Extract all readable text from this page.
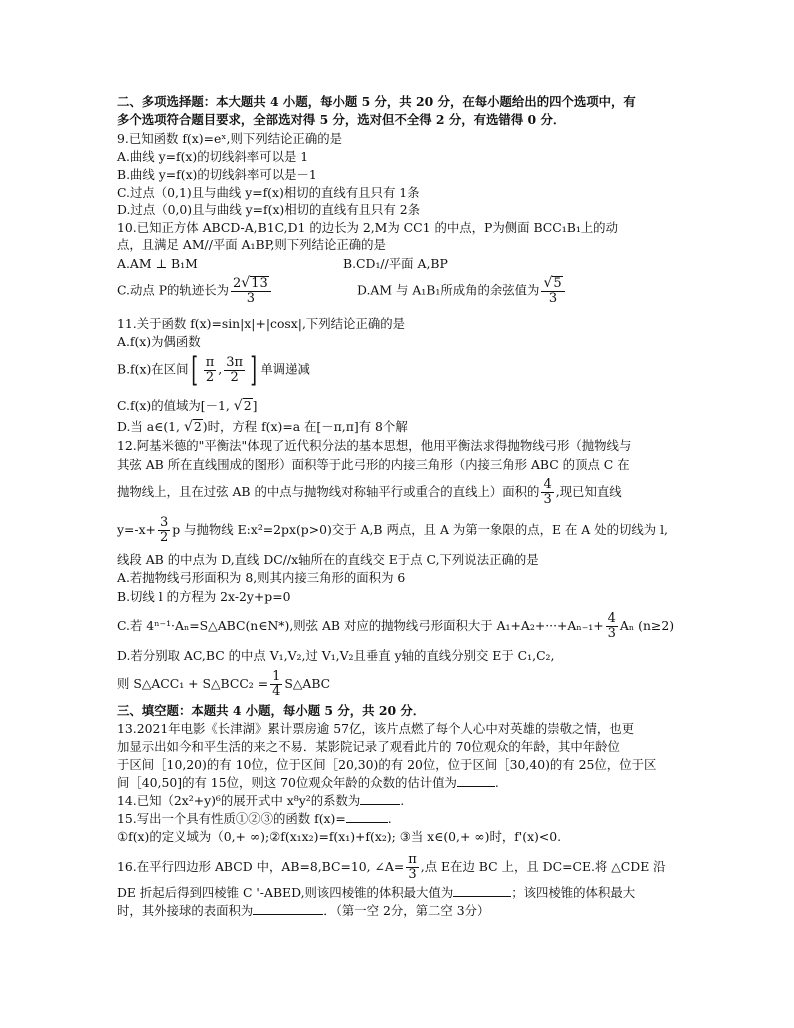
二、多项选择题：本大题共 4 小题，每小题 5 分，共 20 分，在每小题给出的四个选项中，有
多个选项符合题目要求，全部选对得 5 分，选对但不全得 2 分，有选错得 0 分．
9.已知函数 f(x)=eˣ,则下列结论正确的是
A.曲线 y=f(x)的切线斜率可以是 1
B.曲线 y=f(x)的切线斜率可以是－1
C.过点（0,1)且与曲线 y=f(x)相切的直线有且只有 1条
D.过点（0,0)且与曲线 y=f(x)相切的直线有且只有 2条
10.已知正方体 ABCD-A,B1C,D1 的边长为 2,M为 CC1 的中点，P为侧面 BCC₁B₁上的动
点，且满足 AM//平面 A₁BP,则下列结论正确的是
A.AM ⊥ B₁M	B.CD₁//平面 A,BP
C.动点 P的轨迹长为 $\frac{2√13}{3}$	D.AM 与 A₁B₁所成角的余弦值为 $\frac{√5}{3}$
11.关于函数 f(x)=sin|x|+|cosx|,下列结论正确的是
A.f(x)为偶函数
B.f(x)在区间[ $\frac{\pi}{2}$ , $\frac{3\pi}{2}$ ] 单调递减
C.f(x)的值域为[－1, √2]
D.当 a∈(1, √2)时，方程 f(x)=a 在[－π,π]有 8个解
12.阿基米德的"平衡法"体现了近代积分法的基本思想，他用平衡法求得抛物线弓形（抛物线与
其弦 AB 所在直线围成的图形）面积等于此弓形的内接三角形（内接三角形 ABC 的顶点 C 在
抛物线上，且在过弦 AB 的中点与抛物线对称轴平行或重合的直线上）面积的 $\frac{4}{3}$ ,现已知直线
$y=-x+ \frac{3}{2}$ p 与抛物线 E:x²=2px(p>0)交于 A,B 两点，且 A 为第一象限的点，E 在 A 处的切线为 l,
线段 AB 的中点为 D,直线 DC//x轴所在的直线交 E于点 C,下列说法正确的是
A.若抛物线弓形面积为 8,则其内接三角形的面积为 6
B.切线 l 的方程为 2x-2y+p=0
C.若 4ⁿ⁻¹·Aₙ=S△ABC(n∈N*),则弦 AB 对应的抛物线弓形面积大于 $A_1+A_2+\cdot\cdot\cdot+A_{n-1}+ \frac{4}{3}$ Aₙ (n≥2)
D.若分别取 AC,BC 的中点 V₁,V₂,过 V₁,V₂且垂直 y轴的直线分别交 E于 C₁,C₂,
则 S△ACC₁ + S△BCC₂ = $\frac{1}{4}$ S△ABC
三、填空题：本题共 4 小题，每小题 5 分，共 20 分．
13.2021年电影《长津湖》累计票房逾 57亿，该片点燃了每个人心中对英雄的崇敬之情，也更
加显示出如今和平生活的来之不易．某影院记录了观看此片的 70位观众的年龄，其中年龄位
于区间［10,20)的有 10位，位于区间［20,30)的有 20位，位于区间［30,40)的有 25位，位于区
间［40,50]的有 15位，则这 70位观众年龄的众数的估计值为	.
14.已知（2x²+y)⁶的展开式中 x⁸y²的系数为	.
15.写出一个具有性质①②③的函数 f(x)=	.
①f(x)的定义域为（0,+ ∞);②f(x₁x₂)=f(x₁)+f(x₂); ③当 x∈(0,+ ∞)时，f'(x)<0.
16.在平行四边形 ABCD 中，AB=8,BC=10, ∠A= $\frac{\pi}{3}$ ,点 E在边 BC 上，且 DC=CE.将 △CDE 沿
DE 折起后得到四棱锥 C '-ABED,则该四棱锥的体积最大值为	；该四棱锥的体积最大
时，其外接球的表面积为	．（第一空 2分，第二空 3分）
